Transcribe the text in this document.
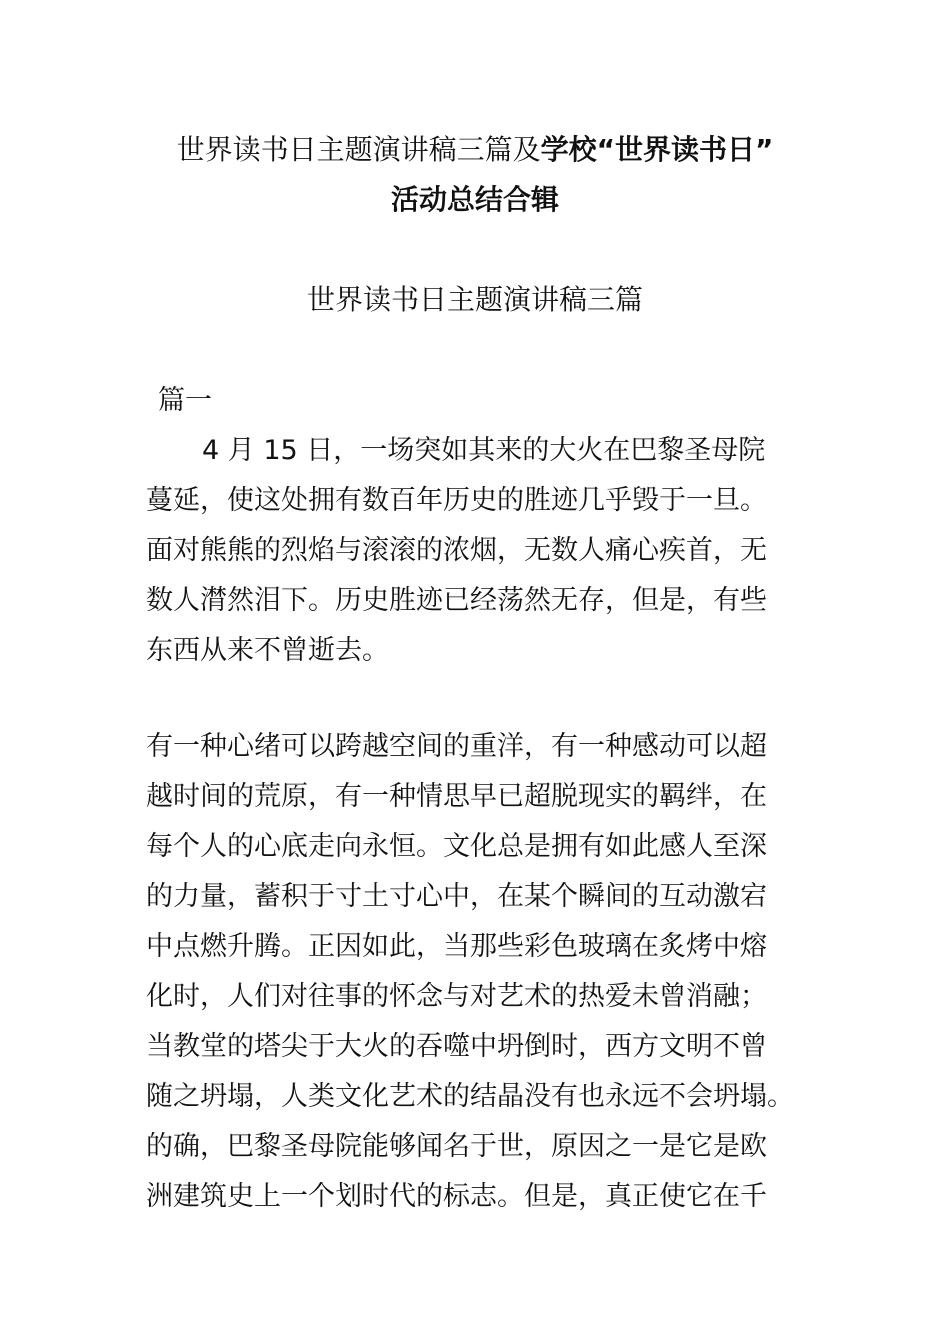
世界读书日主题演讲稿三篇及学校“世界读书日”

活动总结合辑

世界读书日主题演讲稿三篇

篇一

4 月 15 日，一场突如其来的大火在巴黎圣母院
蔓延，使这处拥有数百年历史的胜迹几乎毁于一旦。
面对熊熊的烈焰与滚滚的浓烟，无数人痛心疾首，无
数人潸然泪下。历史胜迹已经荡然无存，但是，有些
东西从来不曾逝去。
有一种心绪可以跨越空间的重洋，有一种感动可以超
越时间的荒原，有一种情思早已超脱现实的羁绊，在
每个人的心底走向永恒。文化总是拥有如此感人至深
的力量，蓄积于寸土寸心中，在某个瞬间的互动激宕
中点燃升腾。正因如此，当那些彩色玻璃在炙烤中熔
化时，人们对往事的怀念与对艺术的热爱未曾消融；
当教堂的塔尖于大火的吞噬中坍倒时，西方文明不曾
随之坍塌，人类文化艺术的结晶没有也永远不会坍塌。
的确，巴黎圣母院能够闻名于世，原因之一是它是欧
洲建筑史上一个划时代的标志。但是，真正使它在千
